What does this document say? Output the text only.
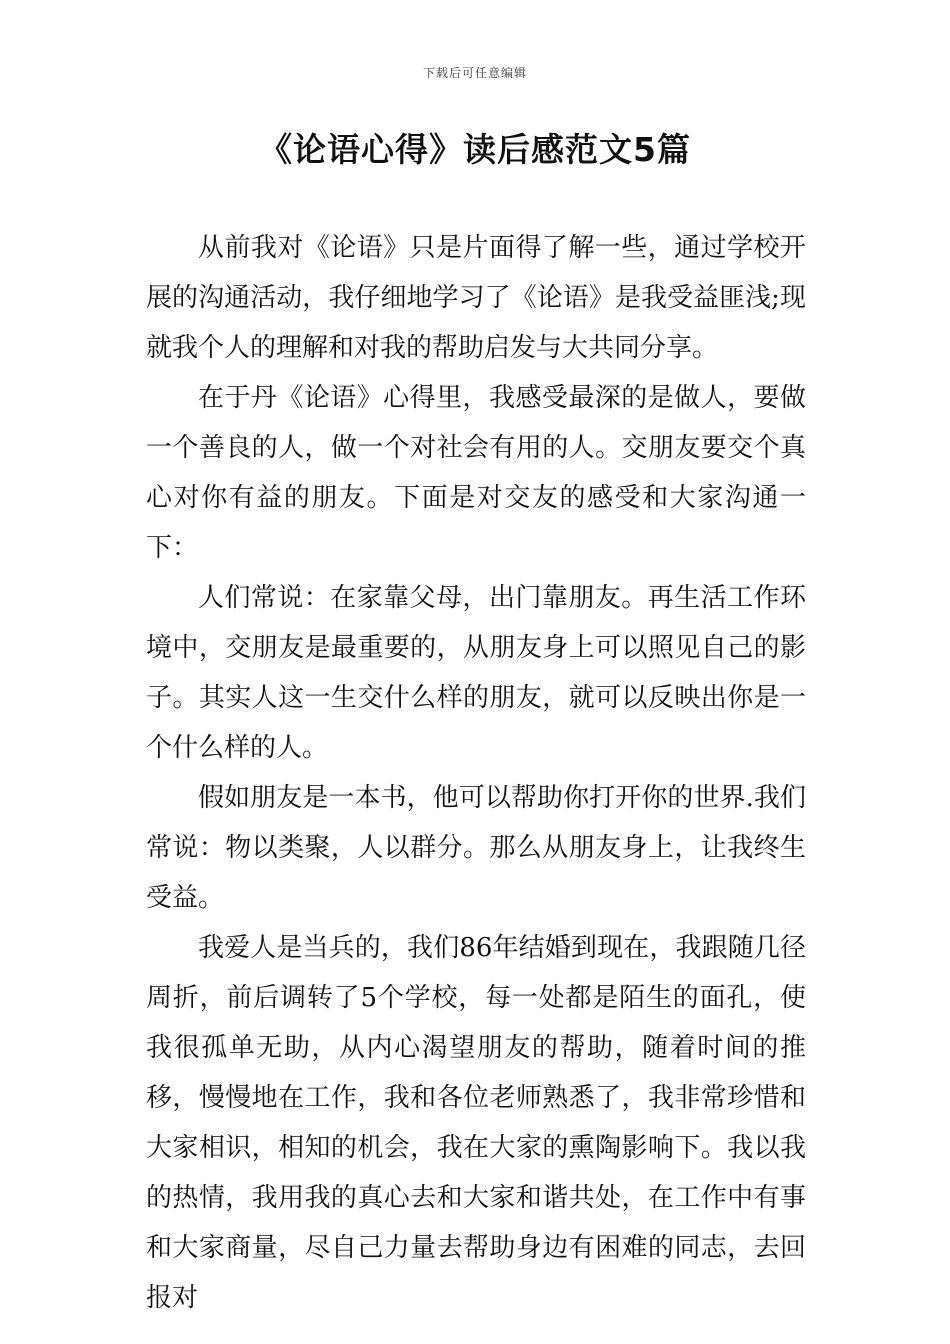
下载后可任意编辑
《论语心得》读后感范文5篇

从前我对《论语》只是片面得了解一些，通过学校开展的沟通活动，我仔细地学习了《论语》是我受益匪浅;现就我个人的理解和对我的帮助启发与大共同分享。

在于丹《论语》心得里，我感受最深的是做人，要做一个善良的人，做一个对社会有用的人。交朋友要交个真心对你有益的朋友。下面是对交友的感受和大家沟通一下：

人们常说：在家靠父母，出门靠朋友。再生活工作环境中，交朋友是最重要的，从朋友身上可以照见自己的影子。其实人这一生交什么样的朋友，就可以反映出你是一个什么样的人。

假如朋友是一本书，他可以帮助你打开你的世界.我们常说：物以类聚，人以群分。那么从朋友身上，让我终生受益。

我爱人是当兵的，我们86年结婚到现在，我跟随几径周折，前后调转了5个学校，每一处都是陌生的面孔，使我很孤单无助，从内心渴望朋友的帮助，随着时间的推移，慢慢地在工作，我和各位老师熟悉了，我非常珍惜和大家相识，相知的机会，我在大家的熏陶影响下。我以我的热情，我用我的真心去和大家和谐共处，在工作中有事和大家商量，尽自己力量去帮助身边有困难的同志，去回报对
